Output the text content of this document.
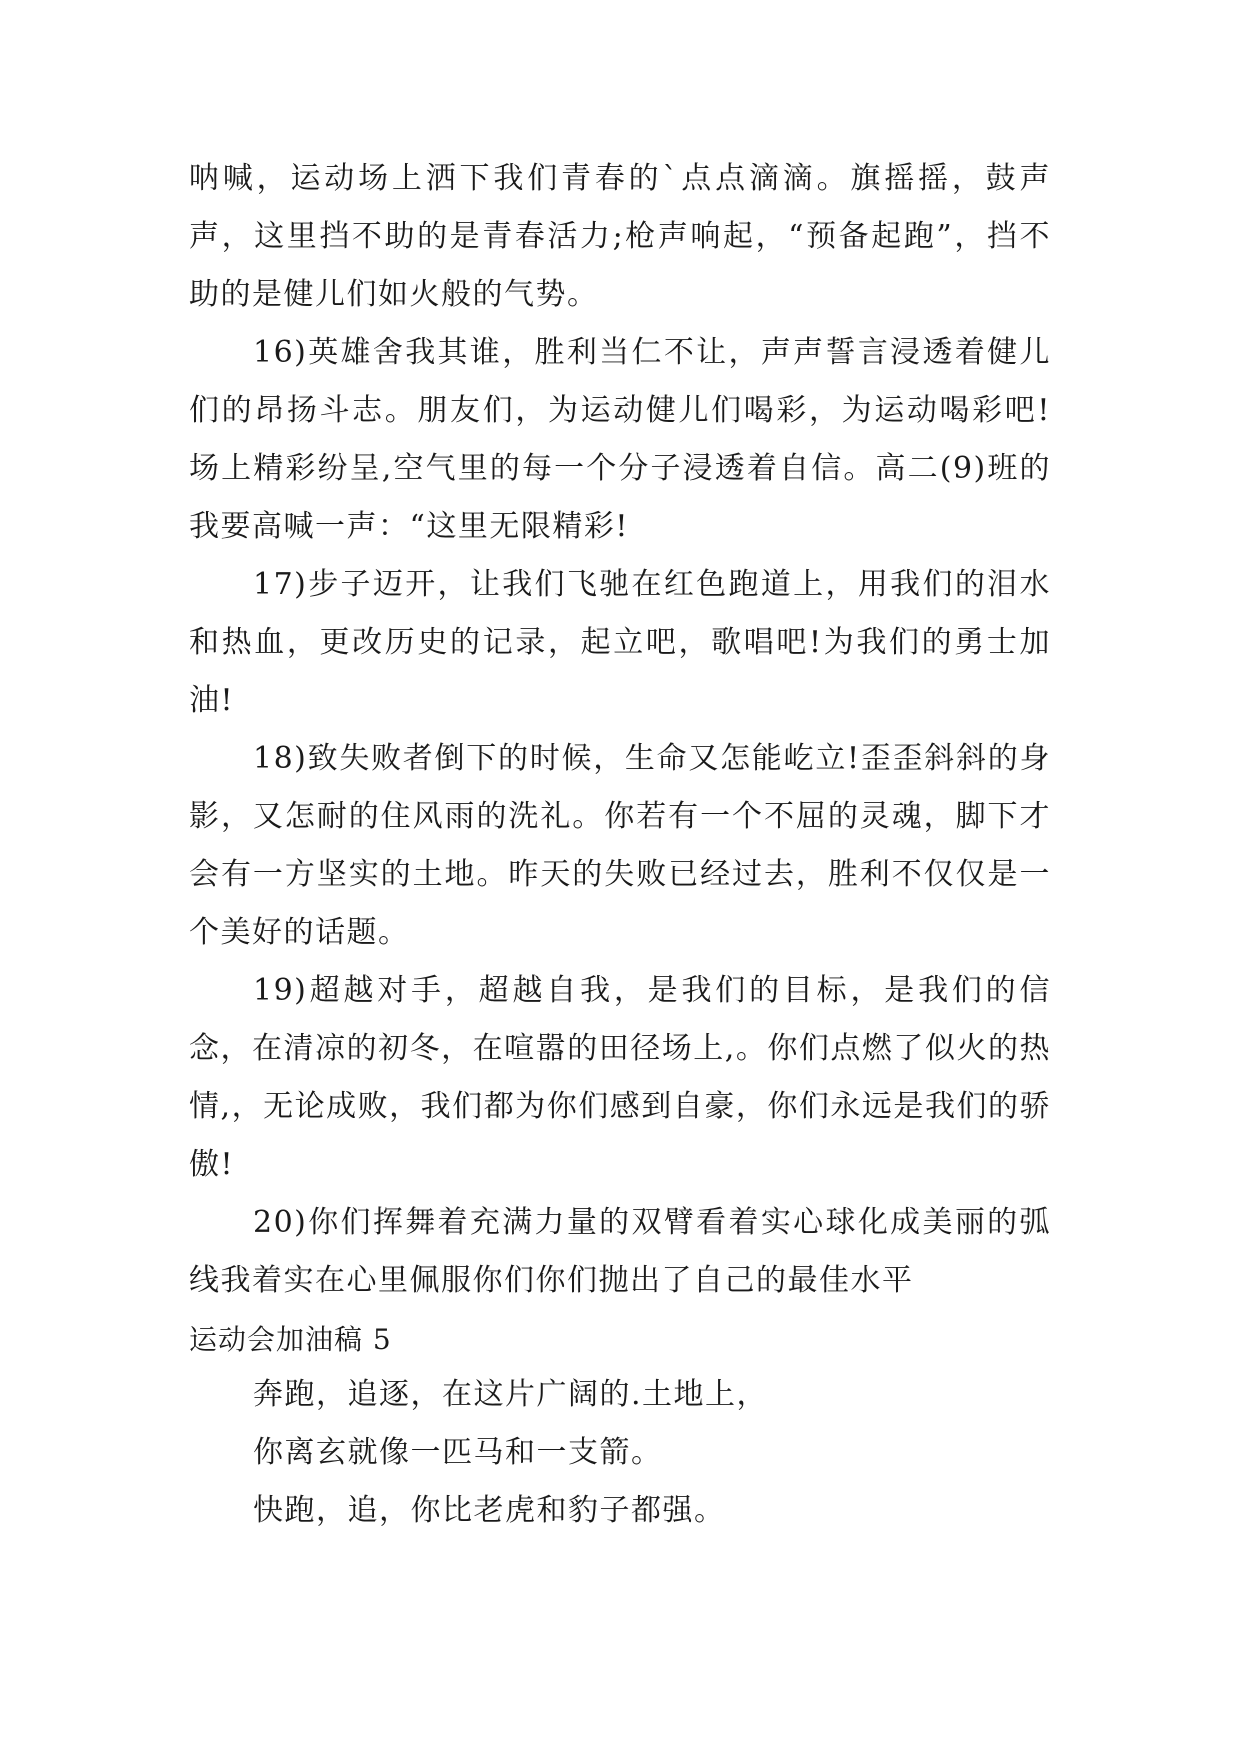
呐喊，运动场上洒下我们青春的`点点滴滴。旗摇摇，鼓声声，这里挡不助的是青春活力;枪声响起，“预备起跑”，挡不助的是健儿们如火般的气势。

16)英雄舍我其谁，胜利当仁不让，声声誓言浸透着健儿们的昂扬斗志。朋友们，为运动健儿们喝彩，为运动喝彩吧!场上精彩纷呈,空气里的每一个分子浸透着自信。高二(9)班的我要高喊一声：“这里无限精彩!

17)步子迈开，让我们飞驰在红色跑道上，用我们的泪水和热血，更改历史的记录，起立吧，歌唱吧!为我们的勇士加油!

18)致失败者倒下的时候，生命又怎能屹立!歪歪斜斜的身影，又怎耐的住风雨的洗礼。你若有一个不屈的灵魂，脚下才会有一方坚实的土地。昨天的失败已经过去，胜利不仅仅是一个美好的话题。

19)超越对手，超越自我，是我们的目标，是我们的信念，在清凉的初冬，在喧嚣的田径场上,。你们点燃了似火的热情,，无论成败，我们都为你们感到自豪，你们永远是我们的骄傲!

20)你们挥舞着充满力量的双臂看着实心球化成美丽的弧线我着实在心里佩服你们你们抛出了自己的最佳水平

运动会加油稿 5

奔跑，追逐，在这片广阔的.土地上，

你离玄就像一匹马和一支箭。

快跑，追，你比老虎和豹子都强。
